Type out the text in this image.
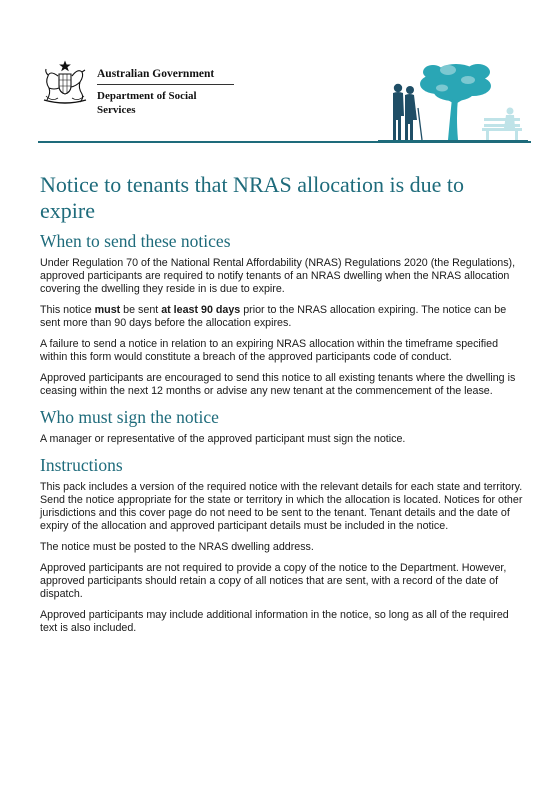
Australian Government
Department of Social Services
Notice to tenants that NRAS allocation is due to expire
When to send these notices

Under Regulation 70 of the National Rental Affordability (NRAS) Regulations 2020 (the Regulations), approved participants are required to notify tenants of an NRAS dwelling when the NRAS allocation covering the dwelling they reside in is due to expire.

This notice must be sent at least 90 days prior to the NRAS allocation expiring. The notice can be sent more than 90 days before the allocation expires.

A failure to send a notice in relation to an expiring NRAS allocation within the timeframe specified within this form would constitute a breach of the approved participants code of conduct.

Approved participants are encouraged to send this notice to all existing tenants where the dwelling is ceasing within the next 12 months or advise any new tenant at the commencement of the lease.

Who must sign the notice

A manager or representative of the approved participant must sign the notice.

Instructions

This pack includes a version of the required notice with the relevant details for each state and territory. Send the notice appropriate for the state or territory in which the allocation is located. Notices for other jurisdictions and this cover page do not need to be sent to the tenant. Tenant details and the date of expiry of the allocation and approved participant details must be included in the notice.

The notice must be posted to the NRAS dwelling address.

Approved participants are not required to provide a copy of the notice to the Department. However, approved participants should retain a copy of all notices that are sent, with a record of the date of dispatch.

Approved participants may include additional information in the notice, so long as all of the required text is also included.
